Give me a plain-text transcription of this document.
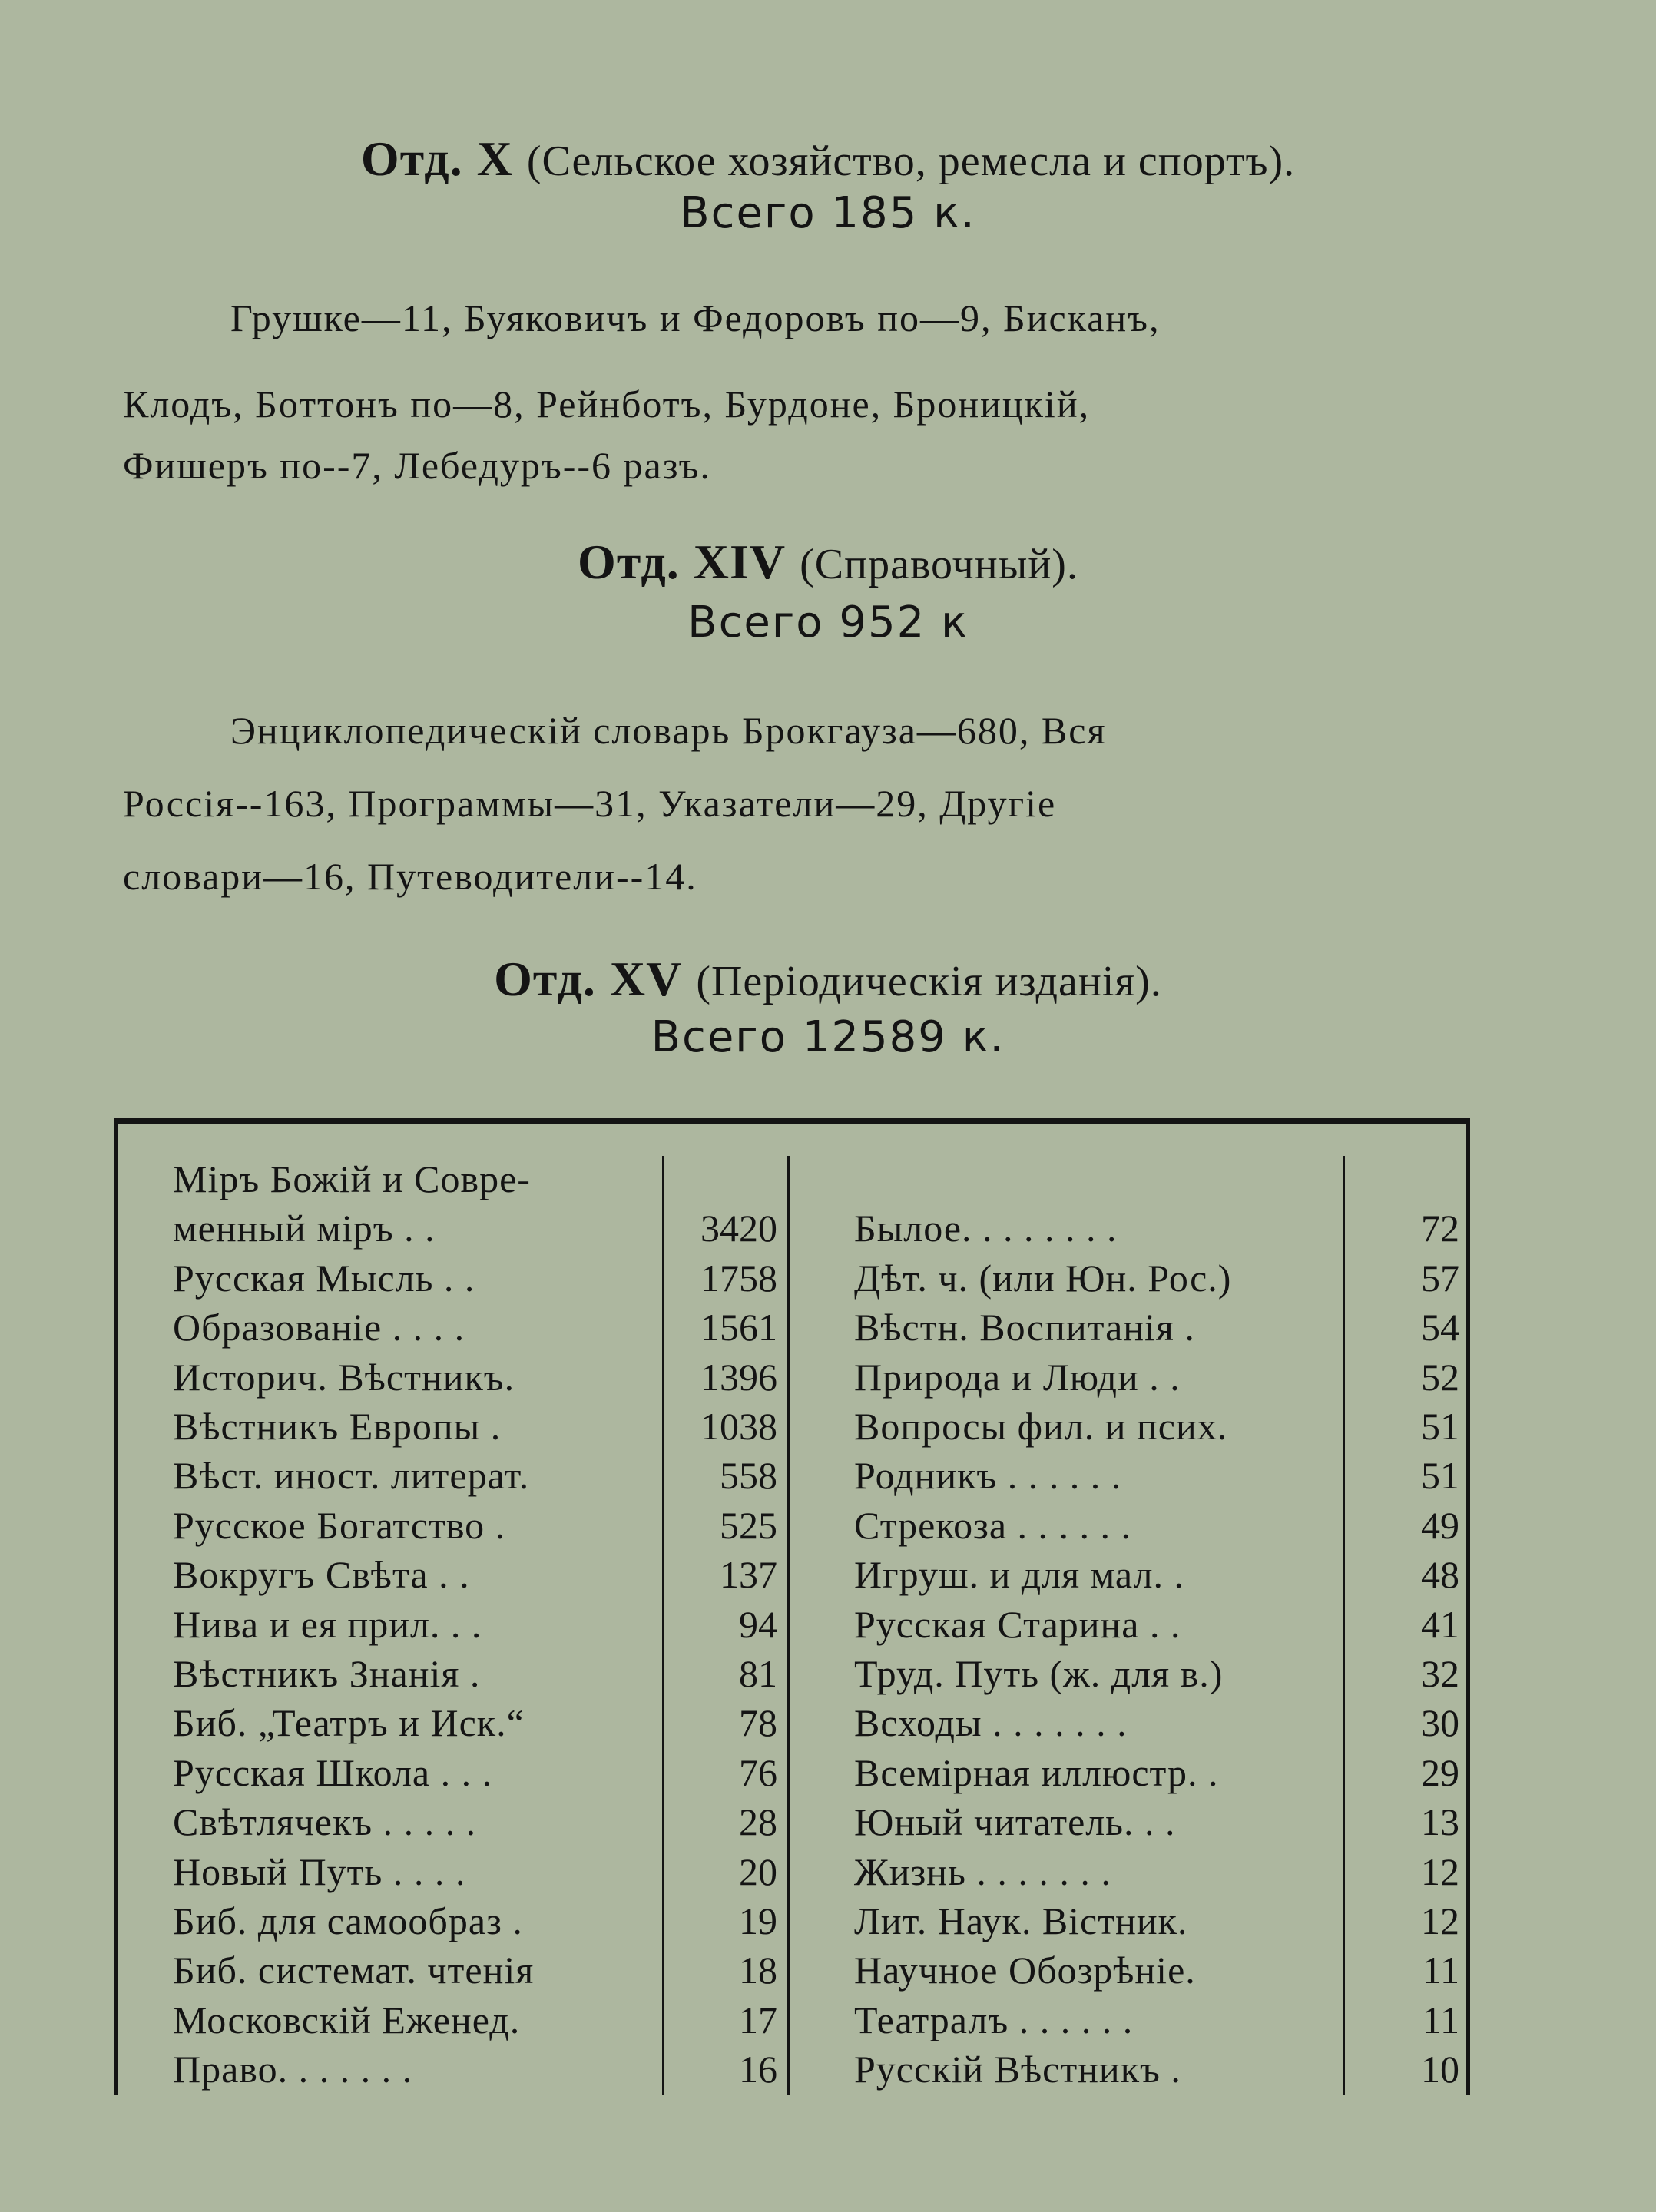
Отд. X (Сельское хозяйство, ремесла и спортъ).
Всего 185 к.
Грушке—11, Буяковичъ и Федоровъ по—9, Бисканъ,
Клодъ, Боттонъ по—8, Рейнботъ, Бурдоне, Броницкій,
Фишеръ по--7, Лебедуръ--6 разъ.
Отд. XIV (Справочный).
Всего 952 к
Энциклопедическій словарь Брокгауза—680, Вся
Россія--163, Программы—31, Указатели—29, Другіе
словари—16, Путеводители--14.
Отд. XV (Періодическія изданія).
Всего 12589 к.
Міръ Божій и Совре-
менный міръ . .	3420
Русская Мысль . .	1758
Образованіе . . . .	1561
Историч. Вѣстникъ.	1396
Вѣстникъ Европы .	1038
Вѣст. иност. литерат.	558
Русское Богатство .	525
Вокругъ Свѣта . .	137
Нива и ея прил. . .	94
Вѣстникъ Знанія .	81
Биб. „Театръ и Иск.“	78
Русская Школа . . .	76
Свѣтлячекъ . . . . .	28
Новый Путь . . . .	20
Биб. для самообраз .	19
Биб. системат. чтенія	18
Московскій Еженед.	17
Право. . . . . . .	16
Былое. . . . . . . .	72
Дѣт. ч. (или Юн. Рос.)	57
Вѣстн. Воспитанія .	54
Природа и Люди . .	52
Вопросы фил. и псих.	51
Родникъ . . . . . .	51
Стрекоза . . . . . .	49
Игруш. и для мал. .	48
Русская Старина . .	41
Труд. Путь (ж. для в.)	32
Всходы . . . . . . .	30
Всемірная иллюстр. .	29
Юный читатель. . .	13
Жизнь . . . . . . .	12
Лит. Наук. Вістник.	12
Научное Обозрѣніе.	11
Театралъ . . . . . .	11
Русскій Вѣстникъ .	10
